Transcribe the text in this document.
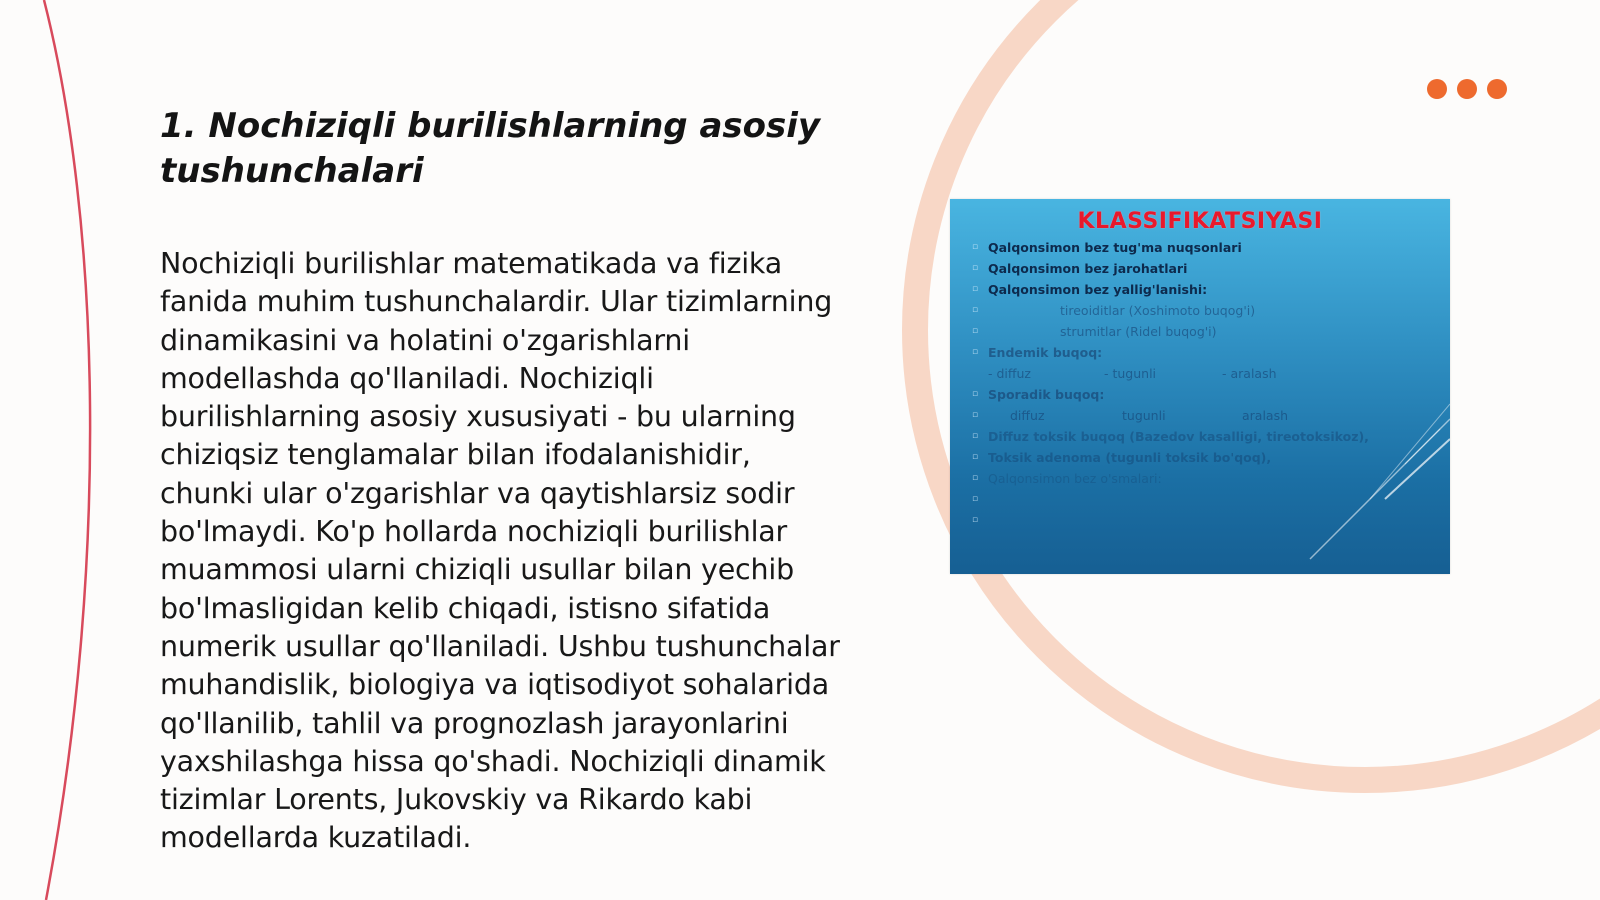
1. Nochiziqli burilishlarning asosiy tushunchalari

Nochiziqli burilishlar matematikada va fizika fanida muhim tushunchalardir. Ular tizimlarning dinamikasini va holatini o'zgarishlarni modellashda qo'llaniladi. Nochiziqli burilishlarning asosiy xususiyati - bu ularning chiziqsiz tenglamalar bilan ifodalanishidir, chunki ular o'zgarishlar va qaytishlarsiz sodir bo'lmaydi. Ko'p hollarda nochiziqli burilishlar muammosi ularni chiziqli usullar bilan yechib bo'lmasligidan kelib chiqadi, istisno sifatida numerik usullar qo'llaniladi. Ushbu tushunchalar muhandislik, biologiya va iqtisodiyot sohalarida qo'llanilib, tahlil va prognozlash jarayonlarini yaxshilashga hissa qo'shadi. Nochiziqli dinamik tizimlar Lorents, Jukovskiy va Rikardo kabi modellarda kuzatiladi.

KLASSIFIKATSIYASI
▫ Qalqonsimon bez tug'ma nuqsonlari
▫ Qalqonsimon bez jarohatlari
▫ Qalqonsimon bez yallig'lanishi:
▫	tireoiditlar (Xoshimoto buqog'i)
▫	strumitlar (Ridel buqog'i)
▫ Endemik buqoq:
- diffuz	- tugunli	- aralash
▫ Sporadik buqoq:
▫	diffuz	tugunli	aralash
▫ Diffuz toksik buqoq (Bazedov kasalligi, tireotoksikoz),
▫ Toksik adenoma (tugunli toksik bo'qoq),
▫ Qalqonsimon bez o'smalari:
▫
▫
